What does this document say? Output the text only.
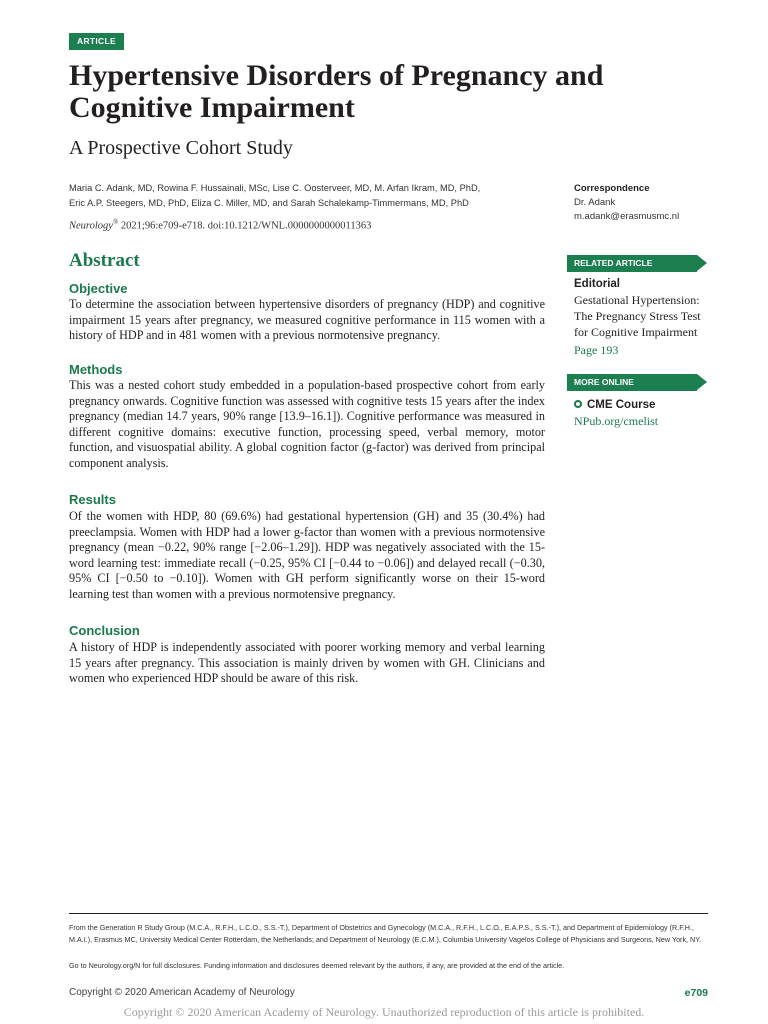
ARTICLE
Hypertensive Disorders of Pregnancy and Cognitive Impairment
A Prospective Cohort Study
Maria C. Adank, MD, Rowina F. Hussainali, MSc, Lise C. Oosterveer, MD, M. Arfan Ikram, MD, PhD,
Eric A.P. Steegers, MD, PhD, Eliza C. Miller, MD, and Sarah Schalekamp-Timmermans, MD, PhD
Neurology® 2021;96:e709-e718. doi:10.1212/WNL.0000000000011363
Abstract
Objective

To determine the association between hypertensive disorders of pregnancy (HDP) and cognitive impairment 15 years after pregnancy, we measured cognitive performance in 115 women with a history of HDP and in 481 women with a previous normotensive pregnancy.

Methods

This was a nested cohort study embedded in a population-based prospective cohort from early pregnancy onwards. Cognitive function was assessed with cognitive tests 15 years after the index pregnancy (median 14.7 years, 90% range [13.9–16.1]). Cognitive performance was measured in different cognitive domains: executive function, processing speed, verbal memory, motor function, and visuospatial ability. A global cognition factor (g-factor) was derived from principal component analysis.

Results

Of the women with HDP, 80 (69.6%) had gestational hypertension (GH) and 35 (30.4%) had preeclampsia. Women with HDP had a lower g-factor than women with a previous normotensive pregnancy (mean −0.22, 90% range [−2.06–1.29]). HDP was negatively associated with the 15-word learning test: immediate recall (−0.25, 95% CI [−0.44 to −0.06]) and delayed recall (−0.30, 95% CI [−0.50 to −0.10]). Women with GH perform significantly worse on their 15-word learning test than women with a previous normotensive pregnancy.

Conclusion

A history of HDP is independently associated with poorer working memory and verbal learning 15 years after pregnancy. This association is mainly driven by women with GH. Clinicians and women who experienced HDP should be aware of this risk.

Correspondence
Dr. Adank
m.adank@erasmusmc.nl
RELATED ARTICLE
Editorial
Gestational Hypertension: The Pregnancy Stress Test for Cognitive Impairment
Page 193
MORE ONLINE
CME Course
NPub.org/cmelist

From the Generation R Study Group (M.C.A., R.F.H., L.C.O., S.S.-T.), Department of Obstetrics and Gynecology (M.C.A., R.F.H., L.C.O., E.A.P.S., S.S.-T.), and Department of Epidemiology (R.F.H., M.A.I.), Erasmus MC, University Medical Center Rotterdam, the Netherlands; and Department of Neurology (E.C.M.), Columbia University Vagelos College of Physicians and Surgeons, New York, NY.

Go to Neurology.org/N for full disclosures. Funding information and disclosures deemed relevant by the authors, if any, are provided at the end of the article.

Copyright © 2020 American Academy of Neurology	e709
Copyright © 2020 American Academy of Neurology. Unauthorized reproduction of this article is prohibited.
